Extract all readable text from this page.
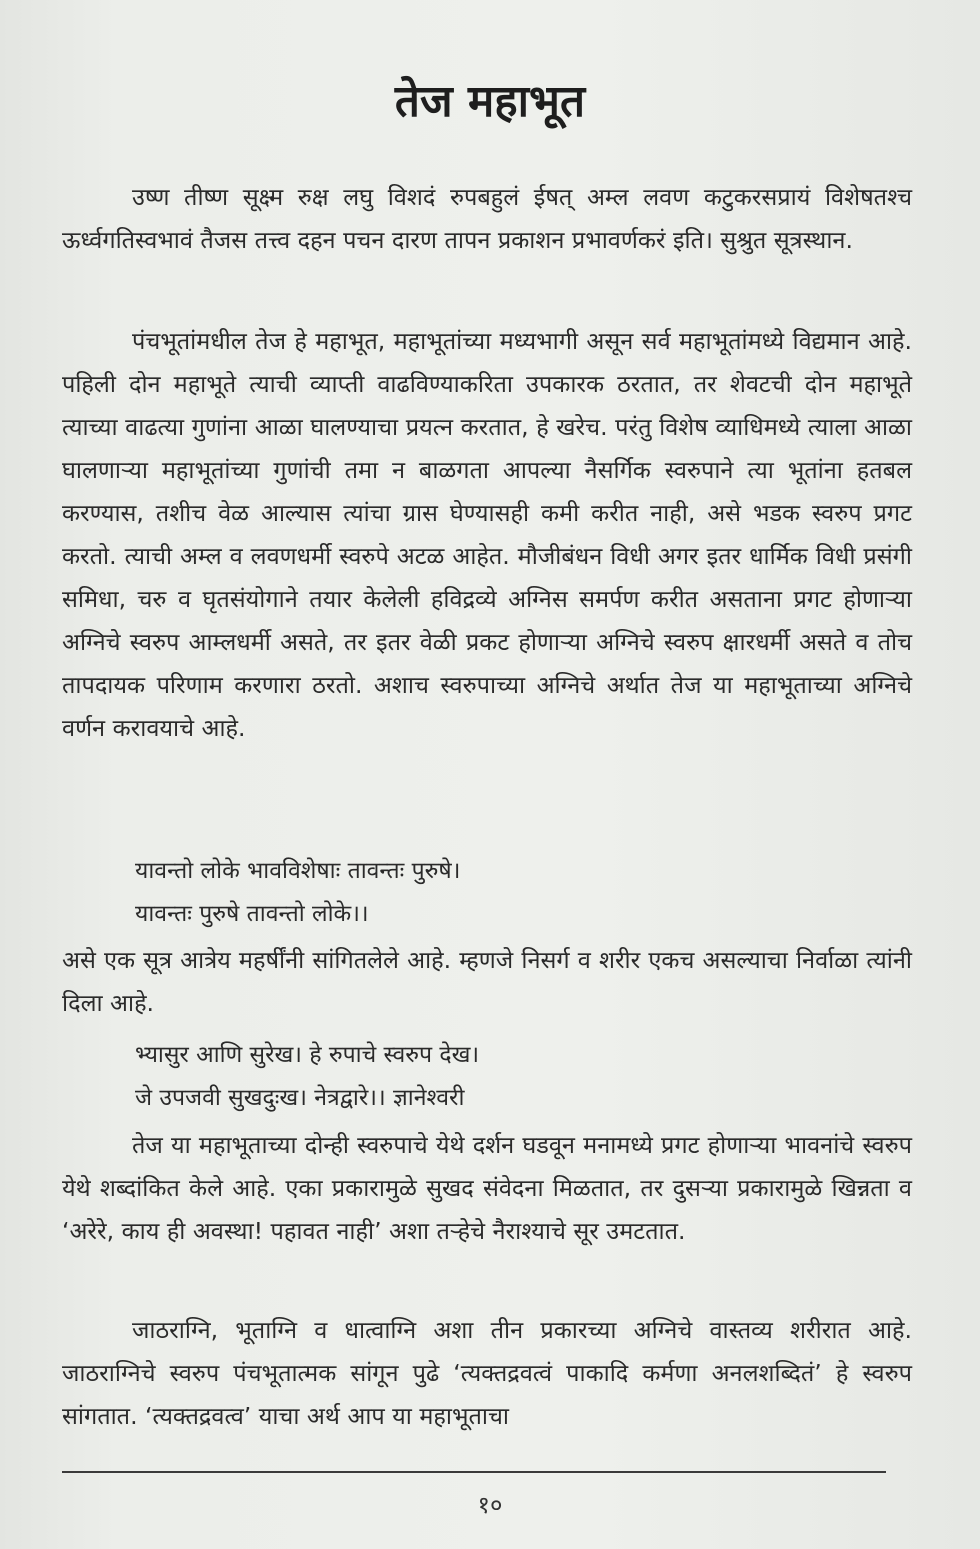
तेज महाभूत

उष्ण तीष्ण सूक्ष्म रुक्ष लघु विशदं रुपबहुलं ईषत् अम्ल लवण कटुकरसप्रायं विशेषतश्च ऊर्ध्वगतिस्वभावं तैजस तत्त्व दहन पचन दारण तापन प्रकाशन प्रभावर्णकरं इति। सुश्रुत सूत्रस्थान.

पंचभूतांमधील तेज हे महाभूत, महाभूतांच्या मध्यभागी असून सर्व महाभूतांमध्ये विद्यमान आहे. पहिली दोन महाभूते त्याची व्याप्ती वाढविण्याकरिता उपकारक ठरतात, तर शेवटची दोन महाभूते त्याच्या वाढत्या गुणांना आळा घालण्याचा प्रयत्न करतात, हे खरेच. परंतु विशेष व्याधिमध्ये त्याला आळा घालणाऱ्या महाभूतांच्या गुणांची तमा न बाळगता आपल्या नैसर्गिक स्वरुपाने त्या भूतांना हतबल करण्यास, तशीच वेळ आल्यास त्यांचा ग्रास घेण्यासही कमी करीत नाही, असे भडक स्वरुप प्रगट करतो. त्याची अम्ल व लवणधर्मी स्वरुपे अटळ आहेत. मौजीबंधन विधी अगर इतर धार्मिक विधी प्रसंगी समिधा, चरु व घृतसंयोगाने तयार केलेली हविद्रव्ये अग्निस समर्पण करीत असताना प्रगट होणाऱ्या अग्निचे स्वरुप आम्लधर्मी असते, तर इतर वेळी प्रकट होणाऱ्या अग्निचे स्वरुप क्षारधर्मी असते व तोच तापदायक परिणाम करणारा ठरतो. अशाच स्वरुपाच्या अग्निचे अर्थात तेज या महाभूताच्या अग्निचे वर्णन करावयाचे आहे.

यावन्तो लोके भावविशेषाः तावन्तः पुरुषे।
यावन्तः पुरुषे तावन्तो लोके।।

असे एक सूत्र आत्रेय महर्षींनी सांगितलेले आहे. म्हणजे निसर्ग व शरीर एकच असल्याचा निर्वाळा त्यांनी दिला आहे.

भ्यासुर आणि सुरेख। हे रुपाचे स्वरुप देख।
जे उपजवी सुखदुःख। नेत्रद्वारे।। ज्ञानेश्वरी

तेज या महाभूताच्या दोन्ही स्वरुपाचे येथे दर्शन घडवून मनामध्ये प्रगट होणाऱ्या भावनांचे स्वरुप येथे शब्दांकित केले आहे. एका प्रकारामुळे सुखद संवेदना मिळतात, तर दुसऱ्या प्रकारामुळे खिन्नता व ‘अरेरे, काय ही अवस्था! पहावत नाही’ अशा तऱ्हेचे नैराश्याचे सूर उमटतात.

जाठराग्नि, भूताग्नि व धात्वाग्नि अशा तीन प्रकारच्या अग्निचे वास्तव्य शरीरात आहे. जाठराग्निचे स्वरुप पंचभूतात्मक सांगून पुढे ‘त्यक्तद्रवत्वं पाकादि कर्मणा अनलशब्दितं’ हे स्वरुप सांगतात. ‘त्यक्तद्रवत्व’ याचा अर्थ आप या महाभूताचा

१०
